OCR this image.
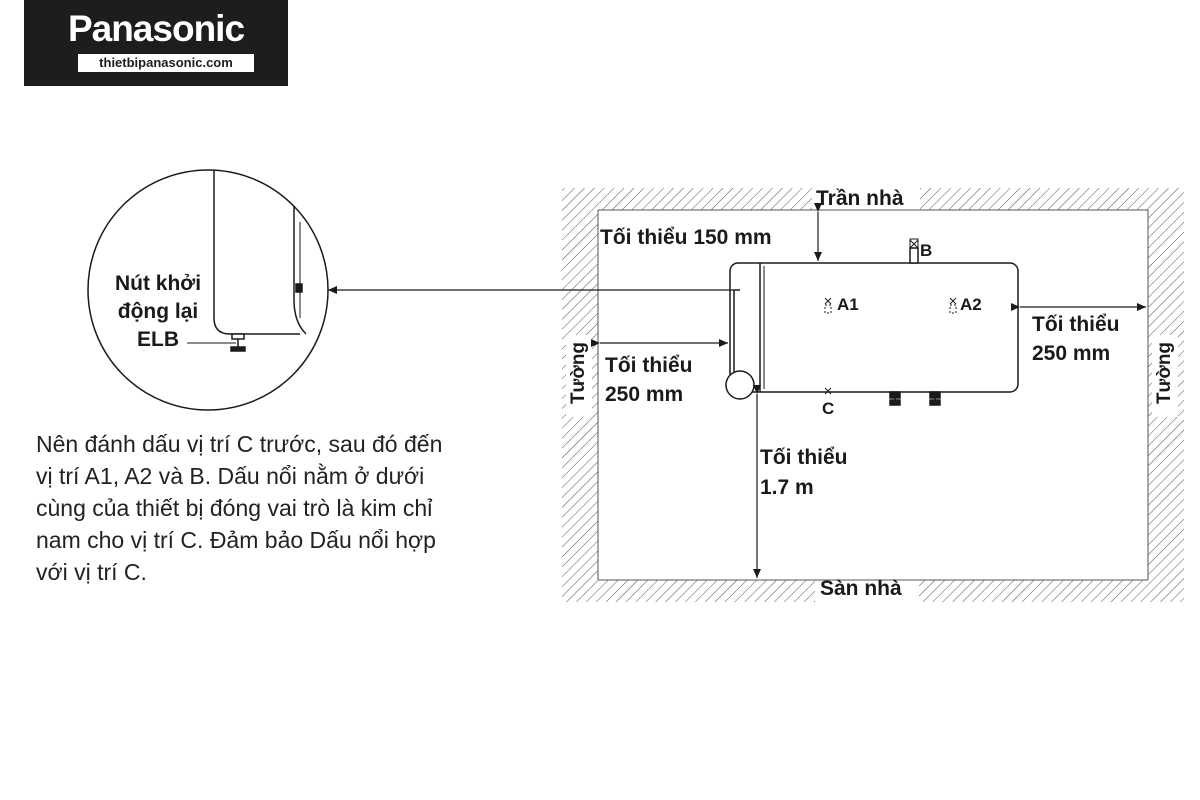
Panasonic
thietbipanasonic.com
Nút khởi
động lại
ELB
Trần nhà
Sàn nhà
Tường	Tường
Tối thiểu 150 mm
Tối thiểu
250 mm
Tối thiểu
250 mm
Tối thiểu
1.7 m
A1	A2
B
C
Nên đánh dấu vị trí C trước, sau đó đến
vị trí A1, A2 và B. Dấu nổi nằm ở dưới
cùng của thiết bị đóng vai trò là kim chỉ
nam cho vị trí C. Đảm bảo Dấu nổi hợp
với vị trí C.
